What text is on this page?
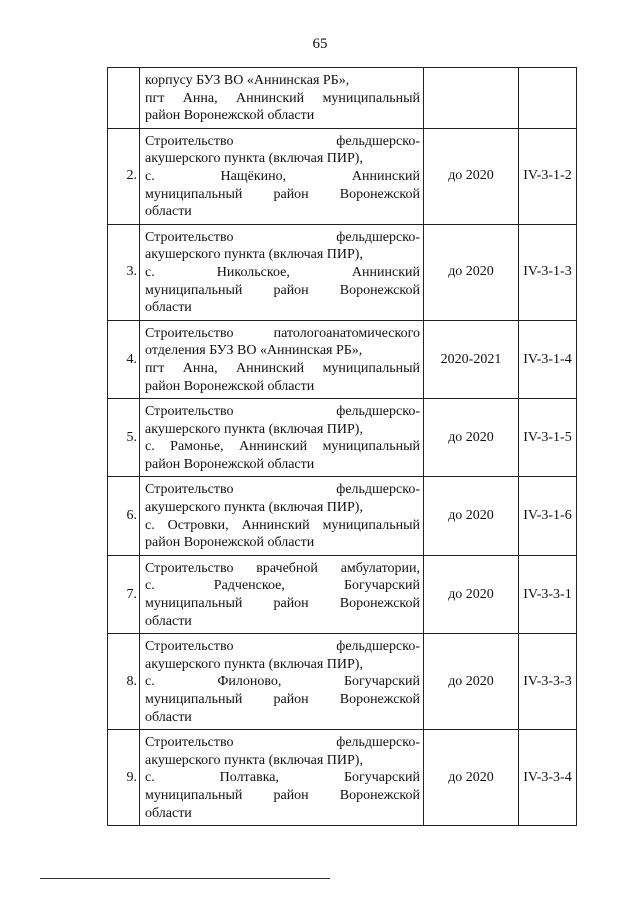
65

	корпусу БУЗ ВО «Аннинская РБ»,
пгт Анна, Аннинский муниципальный
район Воронежской области		

2.	Строительство фельдшерско-
акушерского пункта (включая ПИР),
с. Нащёкино, Аннинский
муниципальный район Воронежской
области	до 2020	IV-3-1-2
3.	Строительство фельдшерско-
акушерского пункта (включая ПИР),
с. Никольское, Аннинский
муниципальный район Воронежской
области	до 2020	IV-3-1-3
4.	Строительство патологоанатомического
отделения БУЗ ВО «Аннинская РБ»,
пгт Анна, Аннинский муниципальный
район Воронежской области	2020-2021	IV-3-1-4
5.	Строительство фельдшерско-
акушерского пункта (включая ПИР),
с. Рамонье, Аннинский муниципальный
район Воронежской области	до 2020	IV-3-1-5
6.	Строительство фельдшерско-
акушерского пункта (включая ПИР),
с. Островки, Аннинский муниципальный
район Воронежской области	до 2020	IV-3-1-6
7.	Строительство врачебной амбулатории,
с. Радченское, Богучарский
муниципальный район Воронежской
области	до 2020	IV-3-3-1
8.	Строительство фельдшерско-
акушерского пункта (включая ПИР),
с. Филоново, Богучарский
муниципальный район Воронежской
области	до 2020	IV-3-3-3
9.	Строительство фельдшерско-
акушерского пункта (включая ПИР),
с. Полтавка, Богучарский
муниципальный район Воронежской
области	до 2020	IV-3-3-4
